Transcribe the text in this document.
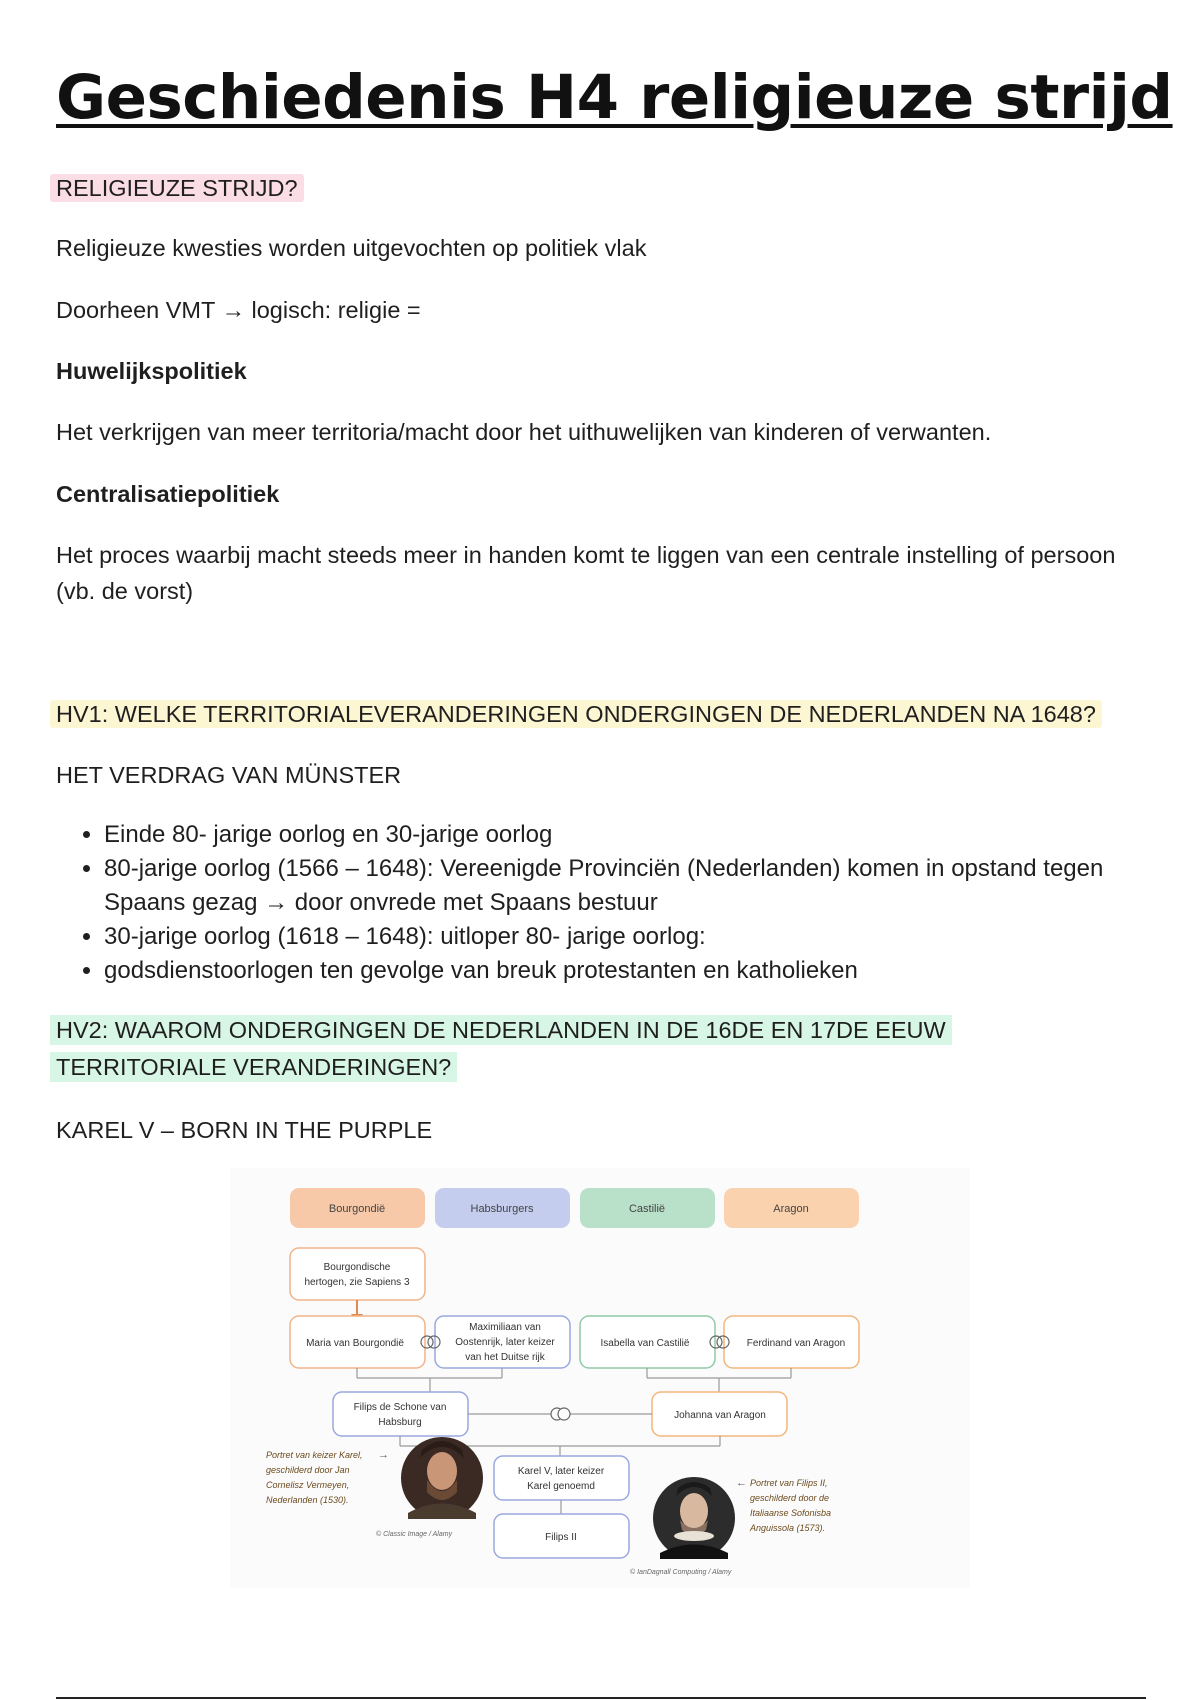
Geschiedenis H4 religieuze strijd
RELIGIEUZE STRIJD?
Religieuze kwesties worden uitgevochten op politiek vlak
Doorheen VMT → logisch: religie =
Huwelijkspolitiek
Het verkrijgen van meer territoria/macht door het uithuwelijken van kinderen of verwanten.
Centralisatiepolitiek
Het proces waarbij macht steeds meer in handen komt te liggen van een centrale instelling of persoon (vb. de vorst)
HV1: WELKE TERRITORIALEVERANDERINGEN ONDERGINGEN DE NEDERLANDEN NA 1648?
HET VERDRAG VAN MÜNSTER
• Einde 80- jarige oorlog en 30-jarige oorlog
• 80-jarige oorlog (1566 – 1648): Vereenigde Provinciën (Nederlanden) komen in opstand tegen Spaans gezag → door onvrede met Spaans bestuur
• 30-jarige oorlog (1618 – 1648): uitloper 80- jarige oorlog:
• godsdienstoorlogen ten gevolge van breuk protestanten en katholieken
HV2: WAAROM ONDERGINGEN DE NEDERLANDEN IN DE 16DE EN 17DE EEUW TERRITORIALE VERANDERINGEN?
KAREL V – BORN IN THE PURPLE
Bourgondië	Habsburgers	Castilië	Aragon
Bourgondische
hertogen, zie Sapiens 3
Maria van Bourgondië
Maximiliaan van
Oostenrijk, later keizer
van het Duitse rijk
Isabella van Castilië	Ferdinand van Aragon
Filips de Schone van
Habsburg
Johanna van Aragon
Karel V, later keizer
Karel genoemd
Filips II
Portret van keizer Karel, geschilderd door Jan Cornelisz Vermeyen, Nederlanden (1530).
→
© Classic Image / Alamy
← Portret van Filips II, geschilderd door de Italiaanse Sofonisba Anguissola (1573).
© IanDagnall Computing / Alamy
